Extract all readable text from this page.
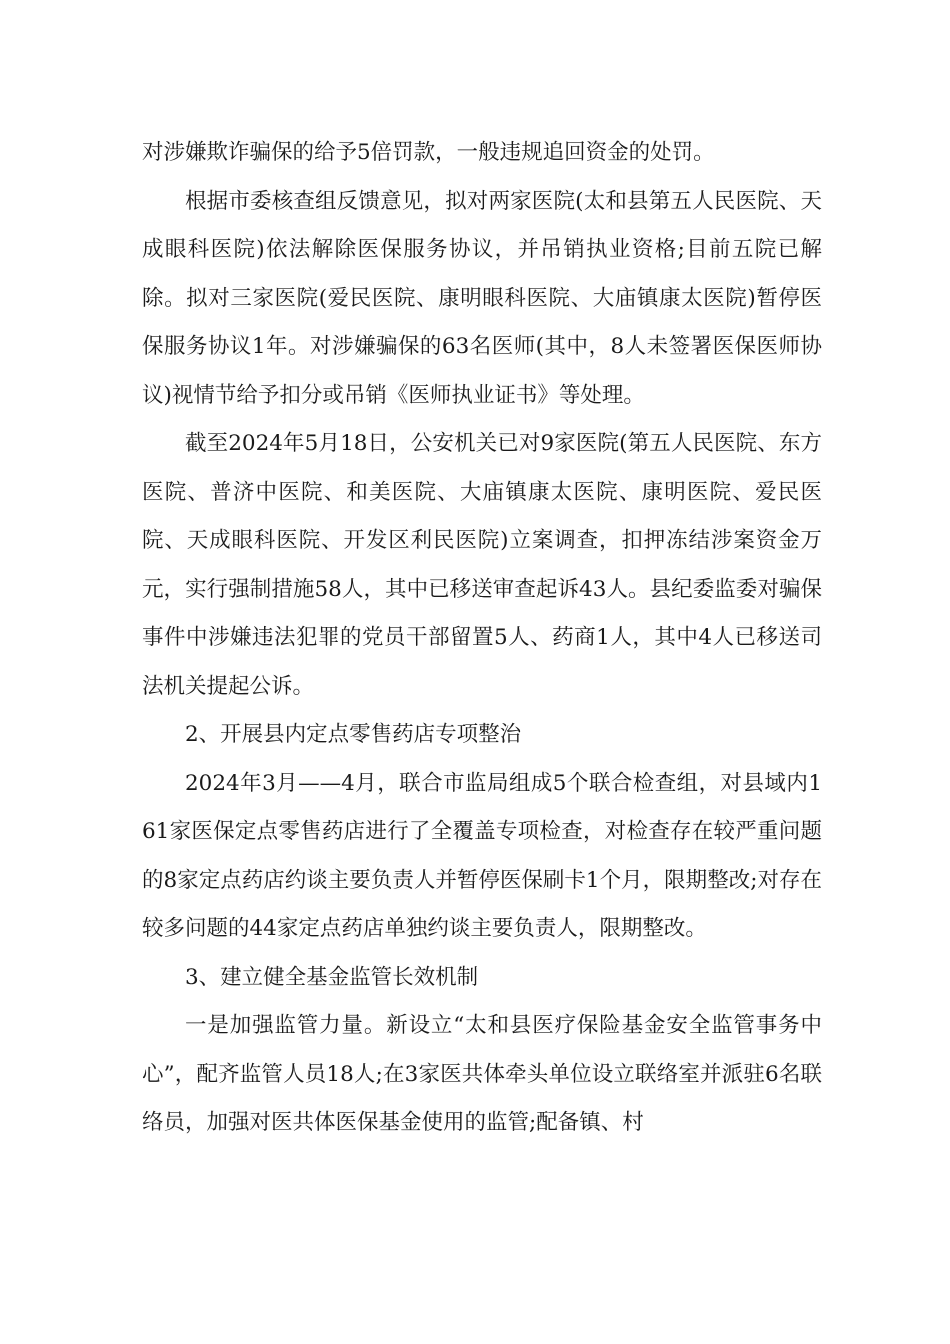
对涉嫌欺诈骗保的给予5倍罚款，一般违规追回资金的处罚。

根据市委核查组反馈意见，拟对两家医院(太和县第五人民医院、天成眼科医院)依法解除医保服务协议，并吊销执业资格;目前五院已解除。拟对三家医院(爱民医院、康明眼科医院、大庙镇康太医院)暂停医保服务协议1年。对涉嫌骗保的63名医师(其中，8人未签署医保医师协议)视情节给予扣分或吊销《医师执业证书》等处理。

截至2024年5月18日，公安机关已对9家医院(第五人民医院、东方医院、普济中医院、和美医院、大庙镇康太医院、康明医院、爱民医院、天成眼科医院、开发区利民医院)立案调查，扣押冻结涉案资金万元，实行强制措施58人，其中已移送审查起诉43人。县纪委监委对骗保事件中涉嫌违法犯罪的党员干部留置5人、药商1人，其中4人已移送司法机关提起公诉。

2、开展县内定点零售药店专项整治

2024年3月——4月，联合市监局组成5个联合检查组，对县域内161家医保定点零售药店进行了全覆盖专项检查，对检查存在较严重问题的8家定点药店约谈主要负责人并暂停医保刷卡1个月，限期整改;对存在较多问题的44家定点药店单独约谈主要负责人，限期整改。

3、建立健全基金监管长效机制

一是加强监管力量。新设立“太和县医疗保险基金安全监管事务中心”，配齐监管人员18人;在3家医共体牵头单位设立联络室并派驻6名联络员，加强对医共体医保基金使用的监管;配备镇、村
